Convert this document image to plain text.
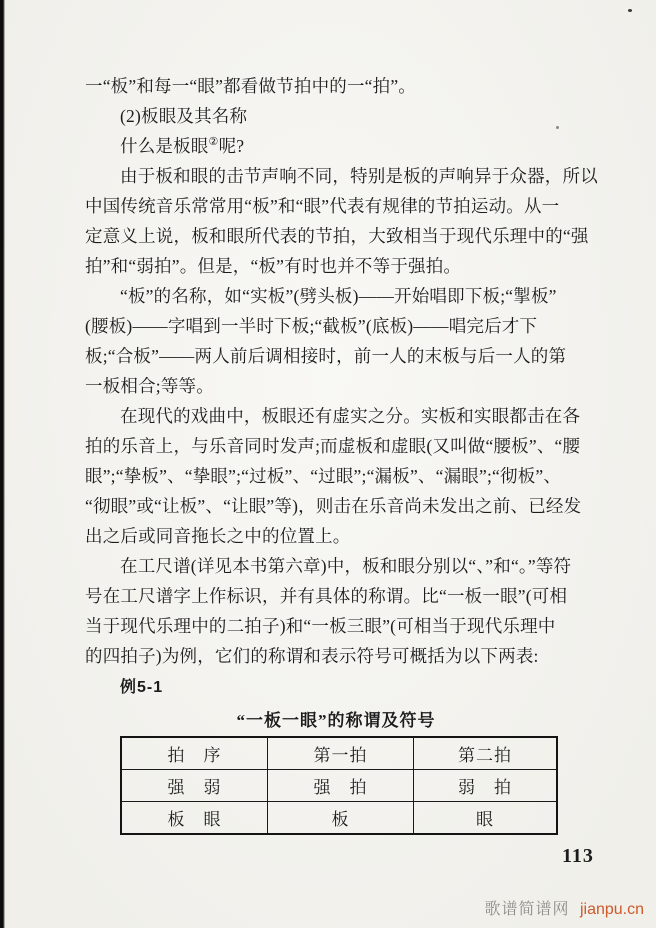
一“板”和每一“眼”都看做节拍中的一“拍”。

(2)板眼及其名称

什么是板眼②呢?

由于板和眼的击节声响不同，特别是板的声响异于众器，所以

中国传统音乐常常用“板”和“眼”代表有规律的节拍运动。从一

定意义上说，板和眼所代表的节拍，大致相当于现代乐理中的“强

拍”和“弱拍”。但是，“板”有时也并不等于强拍。

“板”的名称，如“实板”(劈头板)——开始唱即下板;“掣板”

(腰板)——字唱到一半时下板;“截板”(底板)——唱完后才下

板;“合板”——两人前后调相接时，前一人的末板与后一人的第

一板相合;等等。

在现代的戏曲中，板眼还有虚实之分。实板和实眼都击在各

拍的乐音上，与乐音同时发声;而虚板和虚眼(又叫做“腰板”、“腰

眼”;“挚板”、“挚眼”;“过板”、“过眼”;“漏板”、“漏眼”;“彻板”、

“彻眼”或“让板”、“让眼”等)，则击在乐音尚未发出之前、已经发

出之后或同音拖长之中的位置上。

在工尺谱(详见本书第六章)中，板和眼分别以“、”和“。”等符

号在工尺谱字上作标识，并有具体的称谓。比“一板一眼”(可相

当于现代乐理中的二拍子)和“一板三眼”(可相当于现代乐理中

的四拍子)为例，它们的称谓和表示符号可概括为以下两表:

例5-1
“一板一眼”的称谓及符号
拍　序	第一拍	第二拍
强　弱	强　拍	弱　拍
板　眼	板	眼
113
歌谱简谱网 jianpu.cn
